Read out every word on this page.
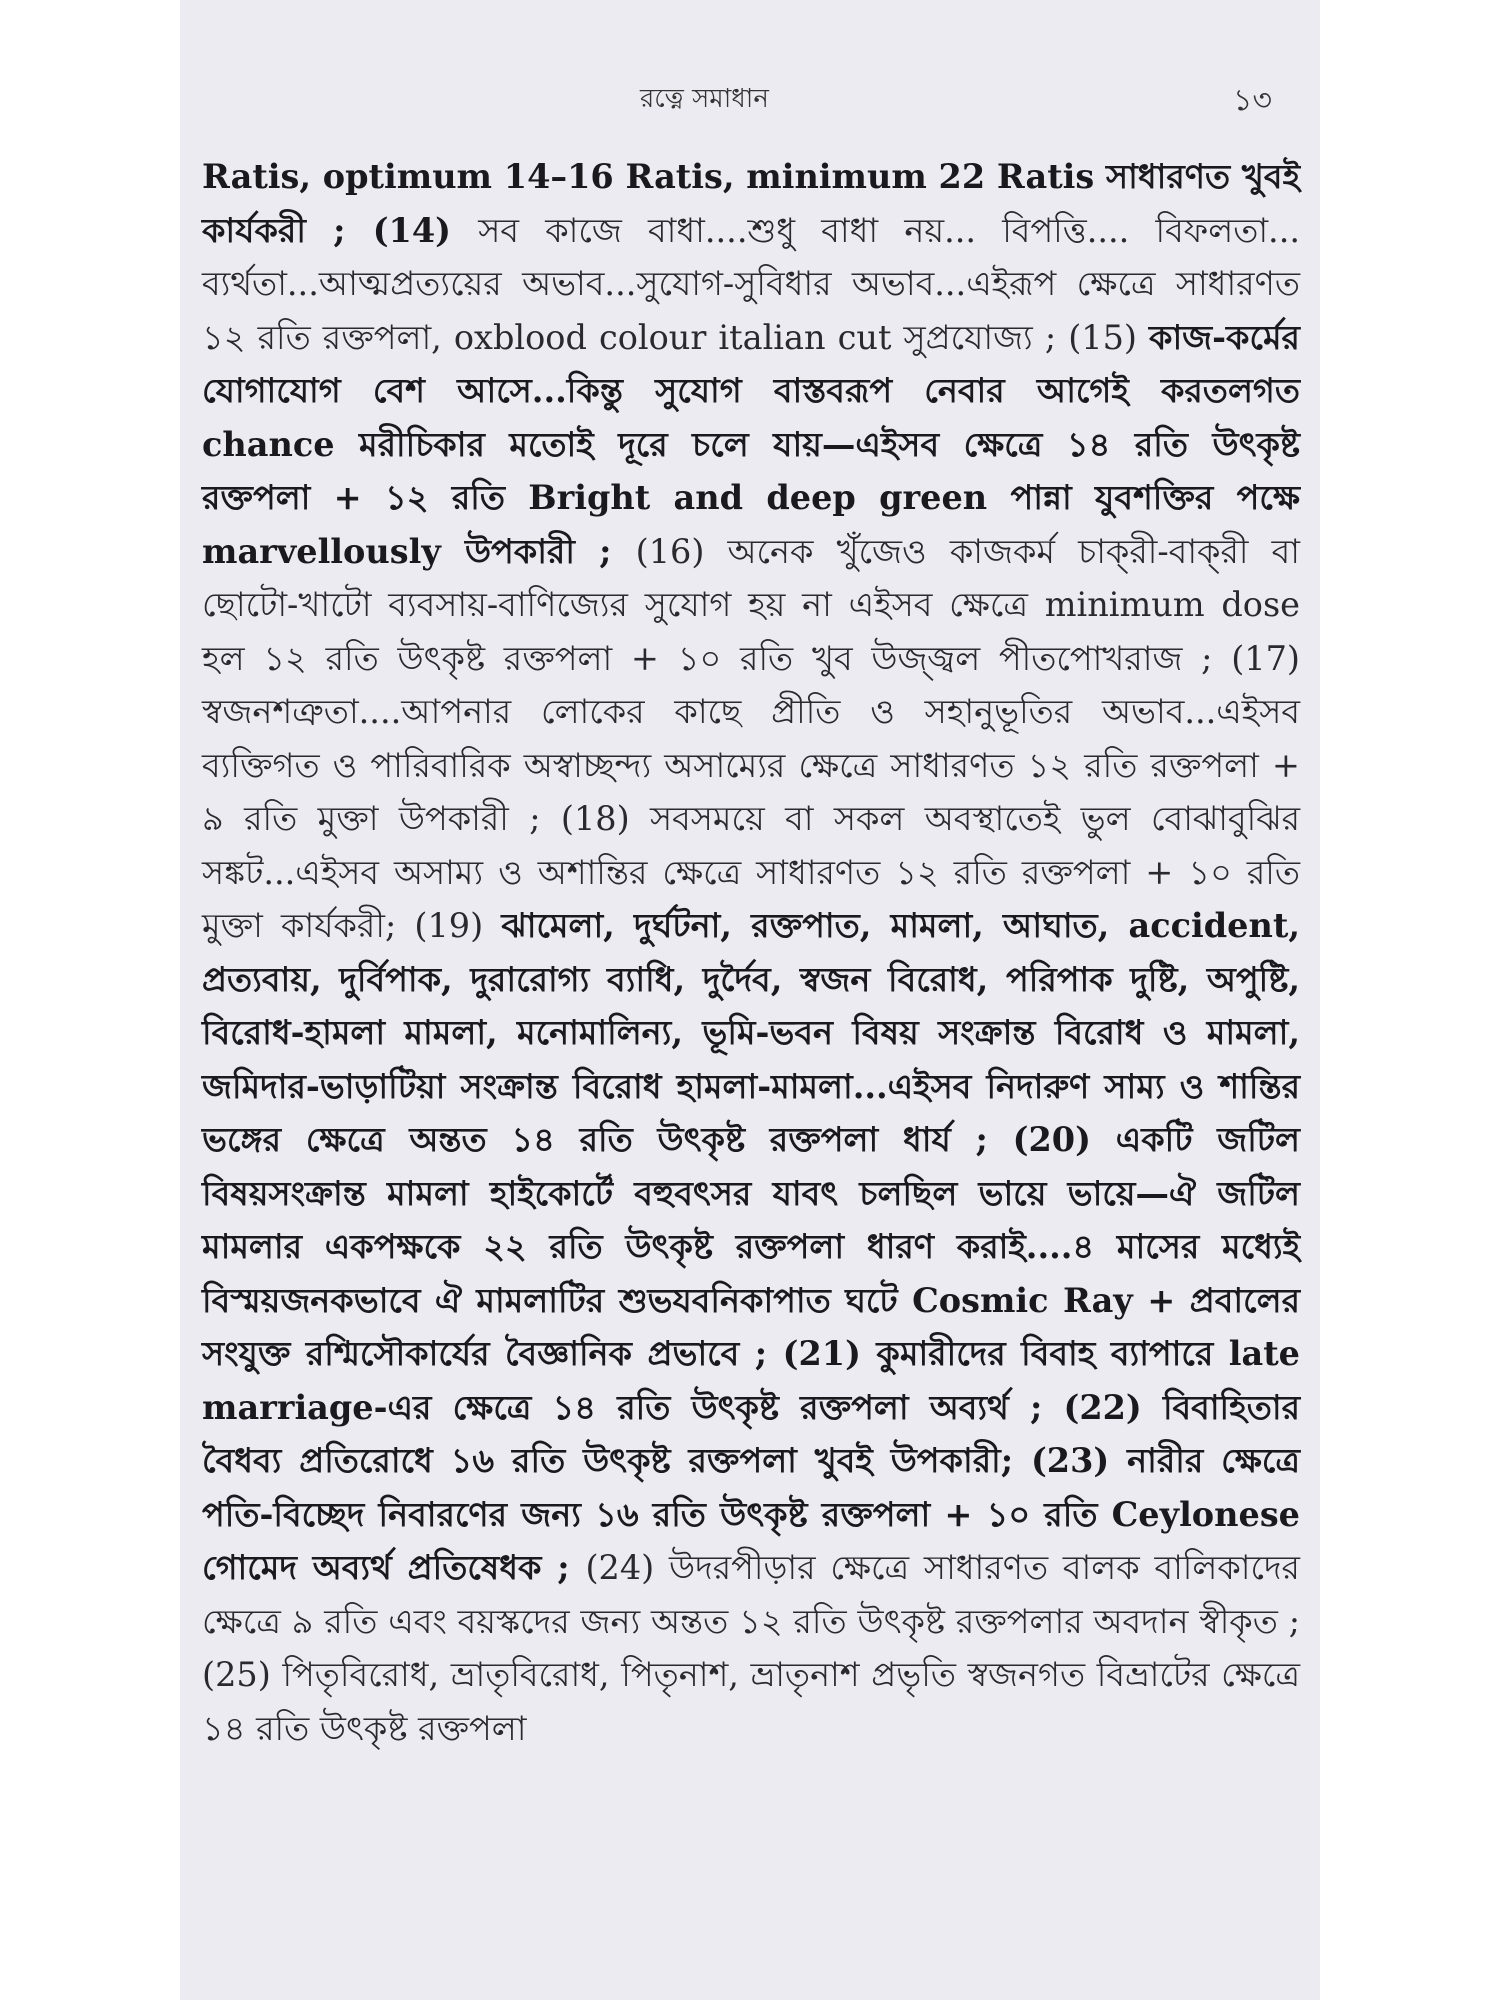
রত্নে সমাধান	১৩

Ratis, optimum 14–16 Ratis, minimum 22 Ratis সাধারণত খুবই কার্যকরী ; (14) সব কাজে বাধা....শুধু বাধা নয়... বিপত্তি.... বিফলতা... ব্যর্থতা...আত্মপ্রত্যয়ের অভাব...সুযোগ-সুবিধার অভাব...এইরূপ ক্ষেত্রে সাধারণত ১২ রতি রক্তপলা, oxblood colour italian cut সুপ্রযোজ্য ; (15) কাজ-কর্মের যোগাযোগ বেশ আসে...কিন্তু সুযোগ বাস্তবরূপ নেবার আগেই করতলগত chance মরীচিকার মতোই দূরে চলে যায়—এইসব ক্ষেত্রে ১৪ রতি উৎকৃষ্ট রক্তপলা + ১২ রতি Bright and deep green পান্না যুবশক্তির পক্ষে marvellously উপকারী ; (16) অনেক খুঁজেও কাজকর্ম চাক্‌রী-বাক্‌রী বা ছোটো-খাটো ব্যবসায়-বাণিজ্যের সুযোগ হয় না এইসব ক্ষেত্রে minimum dose হল ১২ রতি উৎকৃষ্ট রক্তপলা + ১০ রতি খুব উজ্জ্বল পীতপোখরাজ ; (17) স্বজনশত্রুতা....আপনার লোকের কাছে প্রীতি ও সহানুভূতির অভাব...এইসব ব্যক্তিগত ও পারিবারিক অস্বাচ্ছন্দ্য অসাম্যের ক্ষেত্রে সাধারণত ১২ রতি রক্তপলা + ৯ রতি মুক্তা উপকারী ; (18) সবসময়ে বা সকল অবস্থাতেই ভুল বোঝাবুঝির সঙ্কট...এইসব অসাম্য ও অশান্তির ক্ষেত্রে সাধারণত ১২ রতি রক্তপলা + ১০ রতি মুক্তা কার্যকরী; (19) ঝামেলা, দুর্ঘটনা, রক্তপাত, মামলা, আঘাত, accident, প্রত্যবায়, দুর্বিপাক, দুরারোগ্য ব্যাধি, দুর্দৈব, স্বজন বিরোধ, পরিপাক দুষ্টি, অপুষ্টি, বিরোধ-হামলা মামলা, মনোমালিন্য, ভূমি-ভবন বিষয় সংক্রান্ত বিরোধ ও মামলা, জমিদার-ভাড়াটিয়া সংক্রান্ত বিরোধ হামলা-মামলা...এইসব নিদারুণ সাম্য ও শান্তির ভঙ্গের ক্ষেত্রে অন্তত ১৪ রতি উৎকৃষ্ট রক্তপলা ধার্য ; (20) একটি জটিল বিষয়সংক্রান্ত মামলা হাইকোর্টে বহুবৎসর যাবৎ চলছিল ভায়ে ভায়ে—ঐ জটিল মামলার একপক্ষকে ২২ রতি উৎকৃষ্ট রক্তপলা ধারণ করাই....৪ মাসের মধ্যেই বিস্ময়জনকভাবে ঐ মামলাটির শুভযবনিকাপাত ঘটে Cosmic Ray + প্রবালের সংযুক্ত রশ্মিসৌকার্যের বৈজ্ঞানিক প্রভাবে ; (21) কুমারীদের বিবাহ ব্যাপারে late marriage-এর ক্ষেত্রে ১৪ রতি উৎকৃষ্ট রক্তপলা অব্যর্থ ; (22) বিবাহিতার বৈধব্য প্রতিরোধে ১৬ রতি উৎকৃষ্ট রক্তপলা খুবই উপকারী; (23) নারীর ক্ষেত্রে পতি-বিচ্ছেদ নিবারণের জন্য ১৬ রতি উৎকৃষ্ট রক্তপলা + ১০ রতি Ceylonese গোমেদ অব্যর্থ প্রতিষেধক ; (24) উদরপীড়ার ক্ষেত্রে সাধারণত বালক বালিকাদের ক্ষেত্রে ৯ রতি এবং বয়স্কদের জন্য অন্তত ১২ রতি উৎকৃষ্ট রক্তপলার অবদান স্বীকৃত ; (25) পিতৃবিরোধ, ভ্রাতৃবিরোধ, পিতৃনাশ, ভ্রাতৃনাশ প্রভৃতি স্বজনগত বিভ্রাটের ক্ষেত্রে ১৪ রতি উৎকৃষ্ট রক্তপলা
